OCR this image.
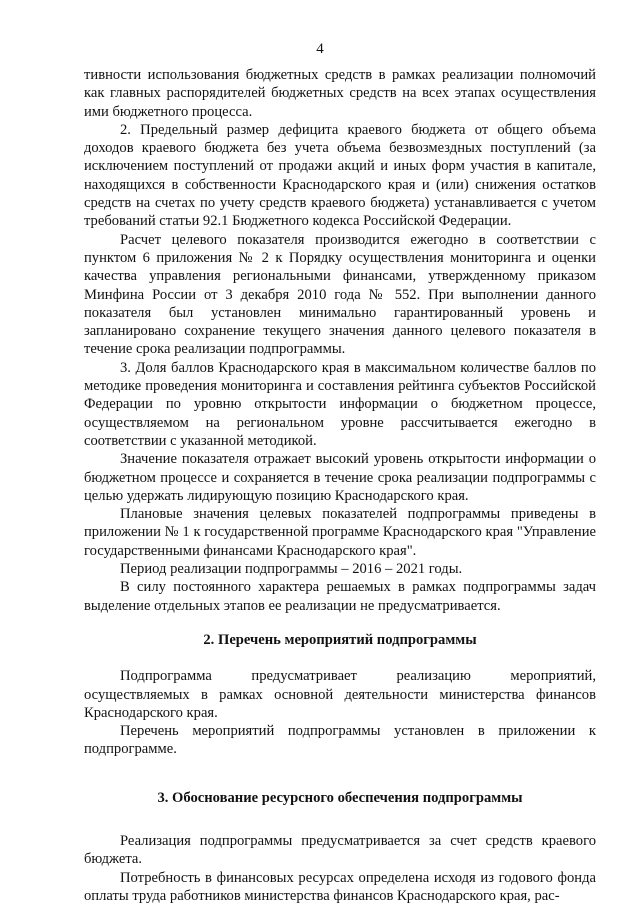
4

тивности использования бюджетных средств в рамках реализации полномочий как главных распорядителей бюджетных средств на всех этапах осуществления ими бюджетного процесса.

2. Предельный размер дефицита краевого бюджета от общего объема доходов краевого бюджета без учета объема безвозмездных поступлений (за исключением поступлений от продажи акций и иных форм участия в капитале, находящихся в собственности Краснодарского края и (или) снижения остатков средств на счетах по учету средств краевого бюджета) устанавливается с учетом требований статьи 92.1 Бюджетного кодекса Российской Федерации.

Расчет целевого показателя производится ежегодно в соответствии с пунктом 6 приложения № 2 к Порядку осуществления мониторинга и оценки качества управления региональными финансами, утвержденному приказом Минфина России от 3 декабря 2010 года № 552. При выполнении данного показателя был установлен минимально гарантированный уровень и запланировано сохранение текущего значения данного целевого показателя в течение срока реализации подпрограммы.

3. Доля баллов Краснодарского края в максимальном количестве баллов по методике проведения мониторинга и составления рейтинга субъектов Российской Федерации по уровню открытости информации о бюджетном процессе, осуществляемом на региональном уровне рассчитывается ежегодно в соответствии с указанной методикой.

Значение показателя отражает высокий уровень открытости информации о бюджетном процессе и сохраняется в течение срока реализации подпрограммы с целью удержать лидирующую позицию Краснодарского края.

Плановые значения целевых показателей подпрограммы приведены в приложении № 1 к государственной программе Краснодарского края "Управление государственными финансами Краснодарского края".

Период реализации подпрограммы – 2016 – 2021 годы.

В силу постоянного характера решаемых в рамках подпрограммы задач выделение отдельных этапов ее реализации не предусматривается.

2. Перечень мероприятий подпрограммы

Подпрограмма предусматривает реализацию мероприятий, осуществляемых в рамках основной деятельности министерства финансов Краснодарского края.

Перечень мероприятий подпрограммы установлен в приложении к подпрограмме.

3. Обоснование ресурсного обеспечения подпрограммы

Реализация подпрограммы предусматривается за счет средств краевого бюджета.

Потребность в финансовых ресурсах определена исходя из годового фонда оплаты труда работников министерства финансов Краснодарского края, рас-
